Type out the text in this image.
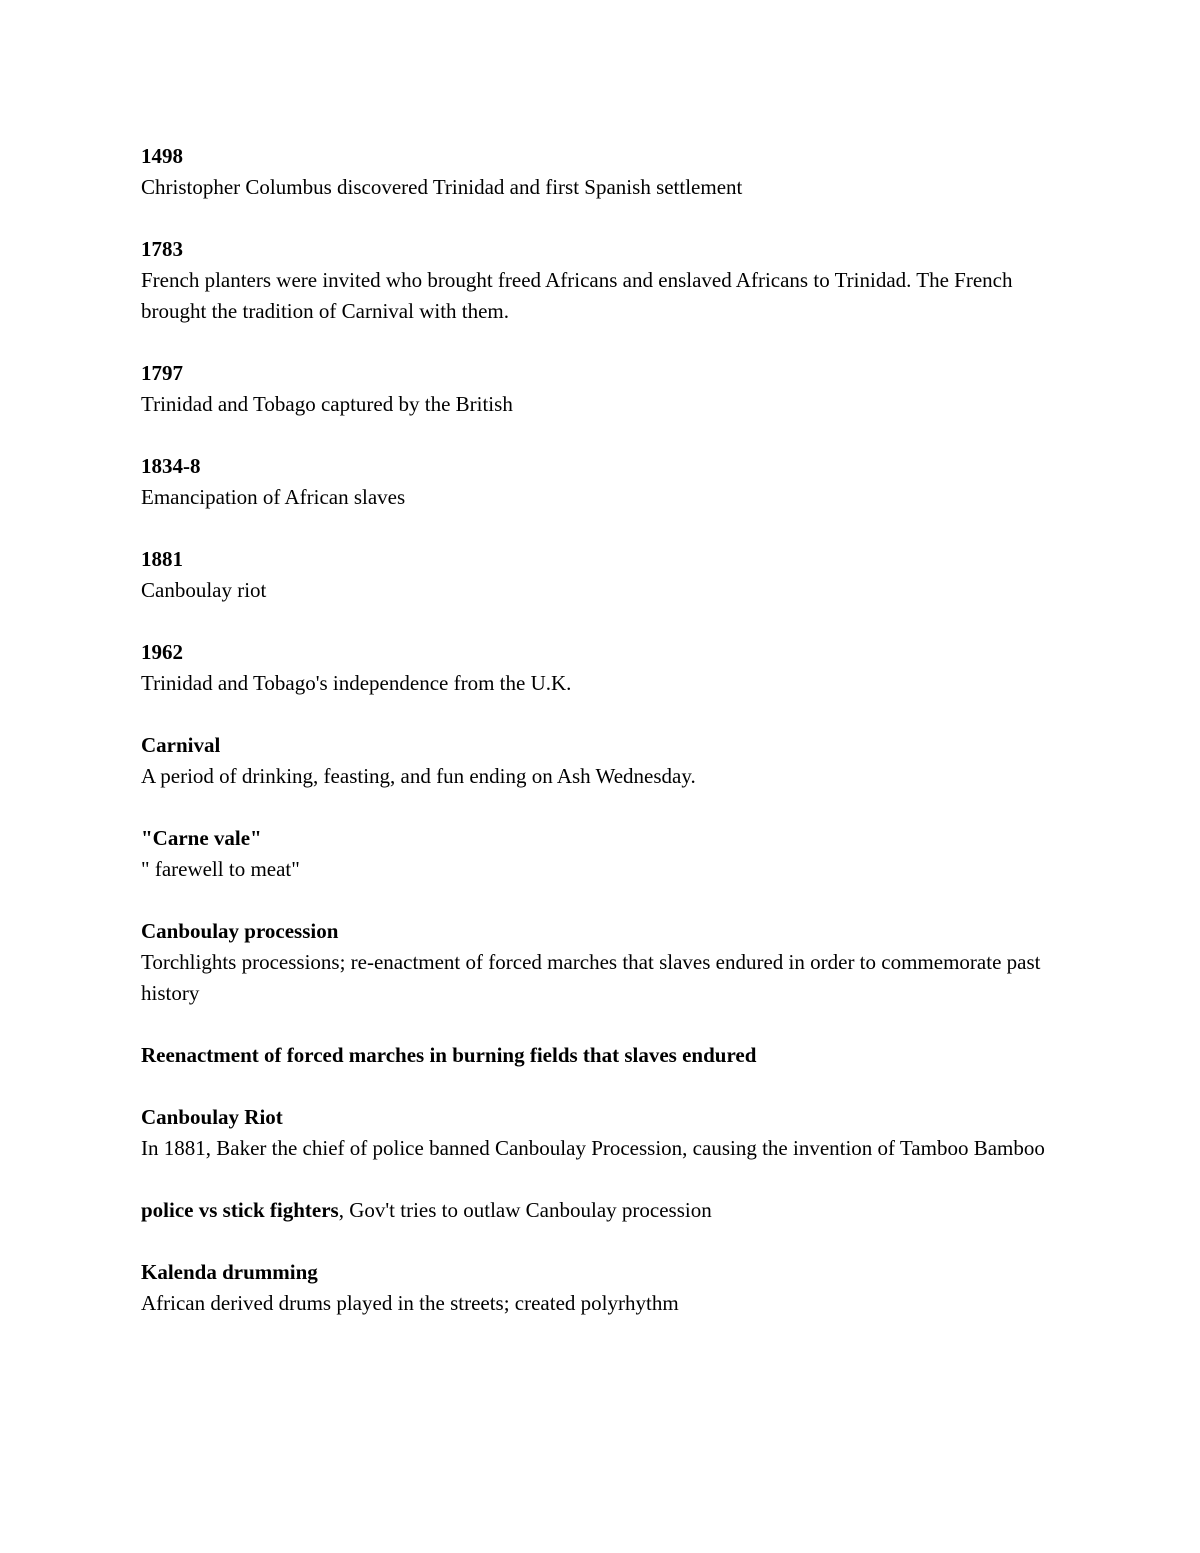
1498
Christopher Columbus discovered Trinidad and first Spanish settlement
1783
French planters were invited who brought freed Africans and enslaved Africans to Trinidad. The French brought the tradition of Carnival with them.
1797
Trinidad and Tobago captured by the British
1834-8
Emancipation of African slaves
1881
Canboulay riot
1962
Trinidad and Tobago's independence from the U.K.
Carnival
A period of drinking, feasting, and fun ending on Ash Wednesday.
"Carne vale"
" farewell to meat"
Canboulay procession
Torchlights processions; re-enactment of forced marches that slaves endured in order to commemorate past history
Reenactment of forced marches in burning fields that slaves endured
Canboulay Riot
In 1881, Baker the chief of police banned Canboulay Procession, causing the invention of Tamboo Bamboo
police vs stick fighters, Gov't tries to outlaw Canboulay procession
Kalenda drumming
African derived drums played in the streets; created polyrhythm
